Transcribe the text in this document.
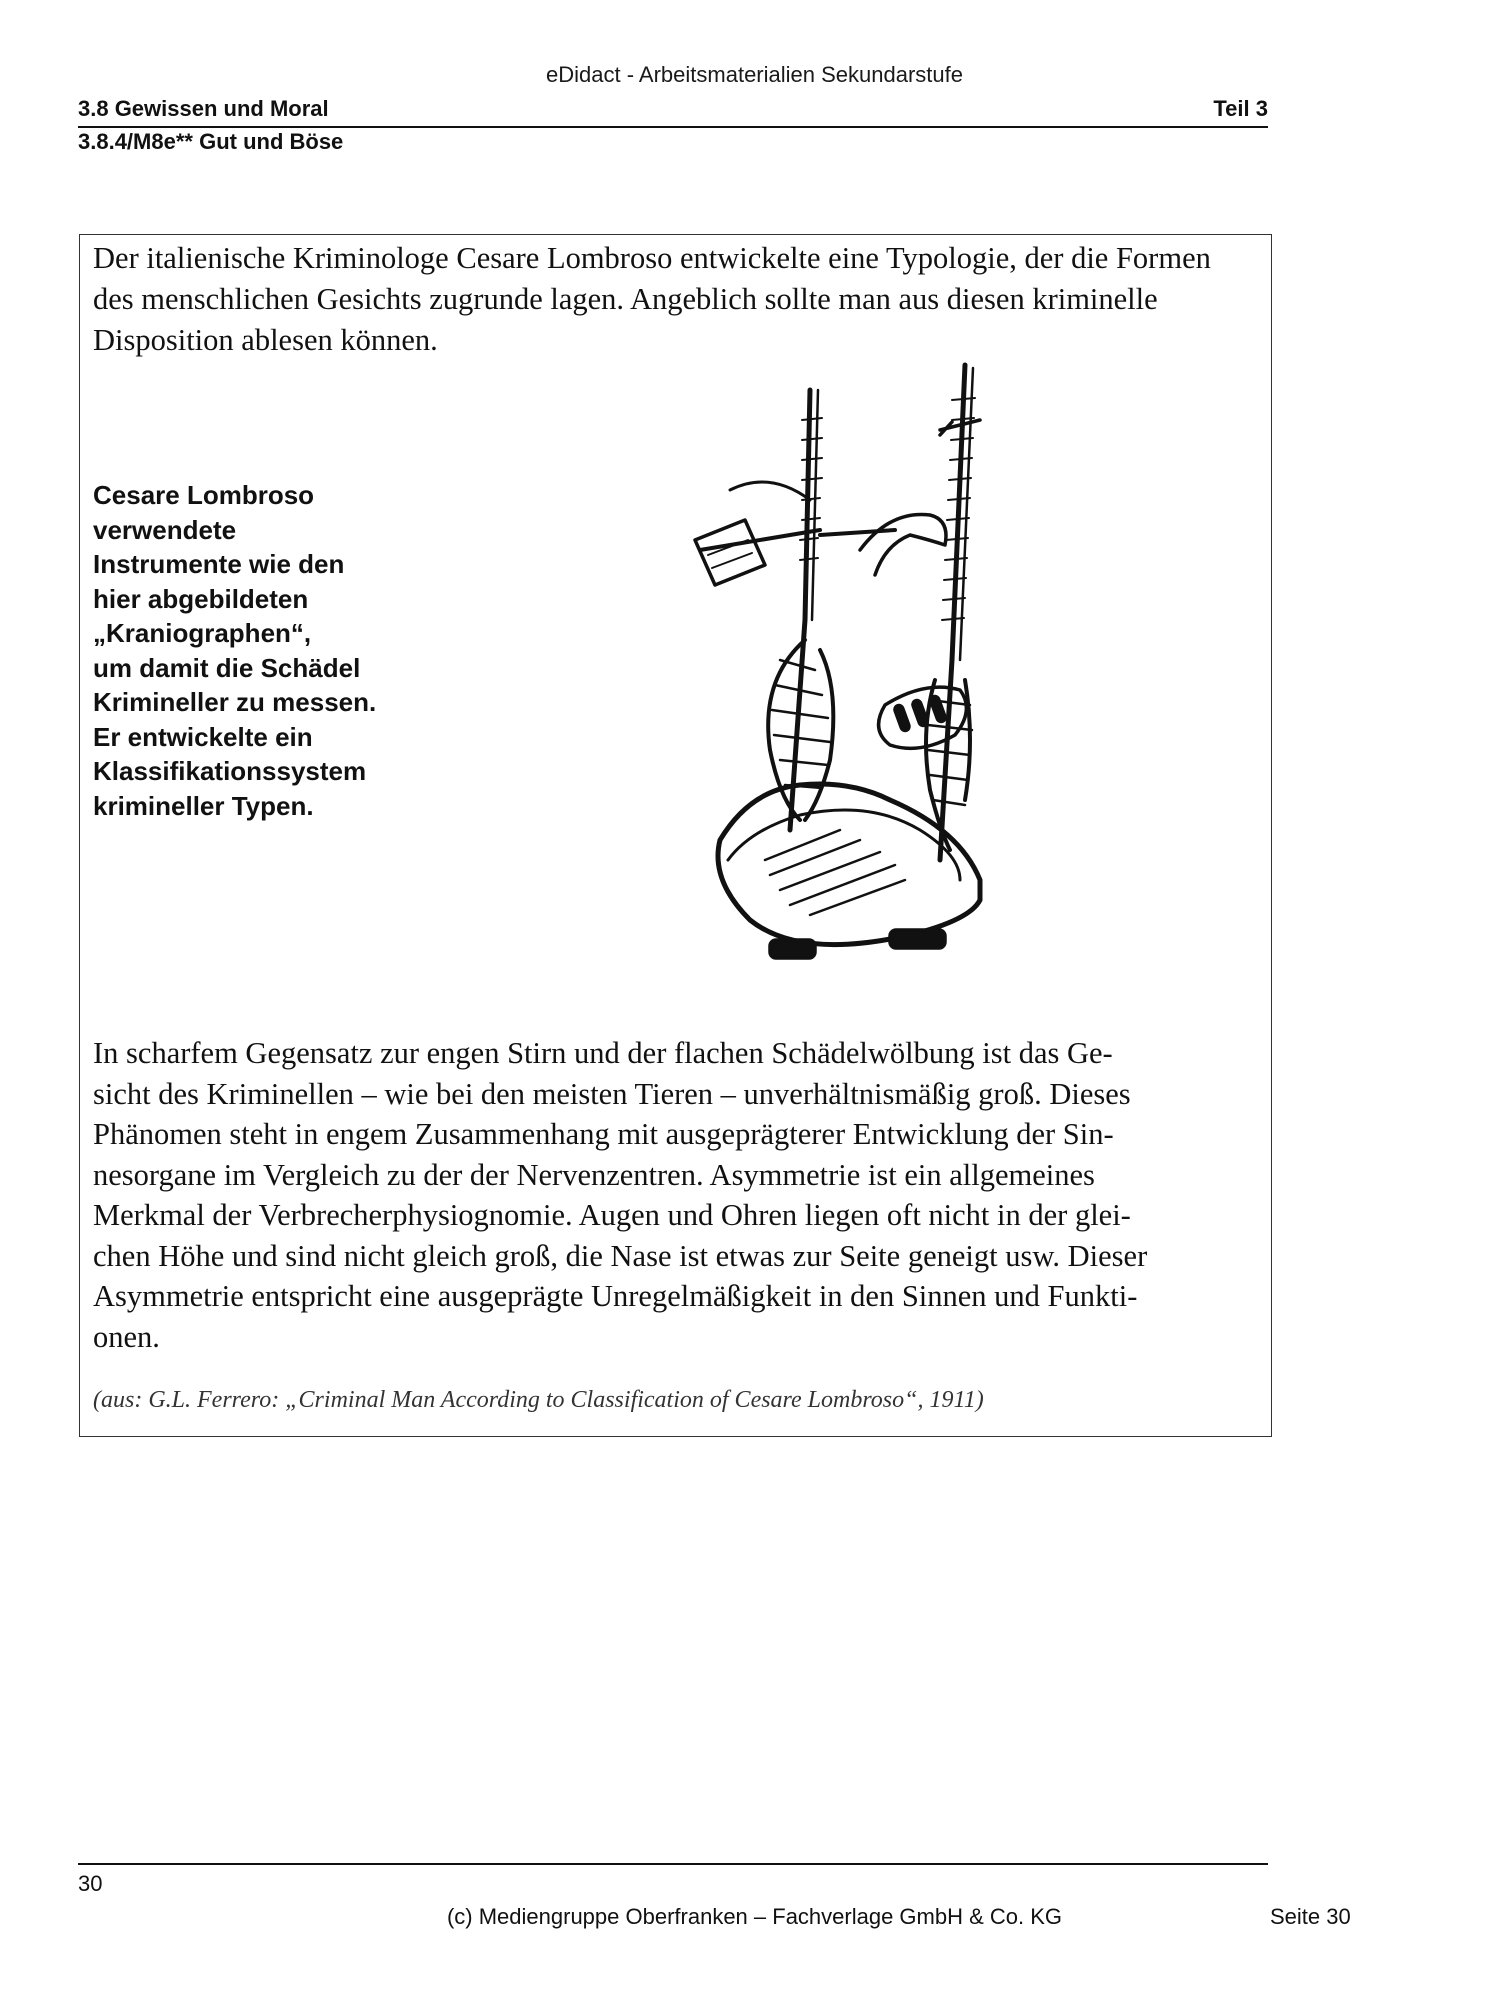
eDidact - Arbeitsmaterialien Sekundarstufe
3.8 Gewissen und Moral	Teil 3
3.8.4/M8e** Gut und Böse

Der italienische Kriminologe Cesare Lombroso entwickelte eine Typologie, der die Formen des menschlichen Gesichts zugrunde lagen. Angeblich sollte man aus diesen kriminelle Disposition ablesen können.

Cesare Lombroso
verwendete
Instrumente wie den
hier abgebildeten
„Kraniographen“,
um damit die Schädel
Krimineller zu messen.
Er entwickelte ein
Klassifikationssystem
krimineller Typen.

In scharfem Gegensatz zur engen Stirn und der flachen Schädelwölbung ist das Ge-
sicht des Kriminellen – wie bei den meisten Tieren – unverhältnismäßig groß. Dieses
Phänomen steht in engem Zusammenhang mit ausgeprägterer Entwicklung der Sin-
nesorgane im Vergleich zu der der Nervenzentren. Asymmetrie ist ein allgemeines
Merkmal der Verbrecherphysiognomie. Augen und Ohren liegen oft nicht in der glei-
chen Höhe und sind nicht gleich groß, die Nase ist etwas zur Seite geneigt usw. Dieser
Asymmetrie entspricht eine ausgeprägte Unregelmäßigkeit in den Sinnen und Funkti-
onen.

(aus: G.L. Ferrero: „Criminal Man According to Classification of Cesare Lombroso“, 1911)

30
(c) Mediengruppe Oberfranken – Fachverlage GmbH & Co. KG	Seite 30
